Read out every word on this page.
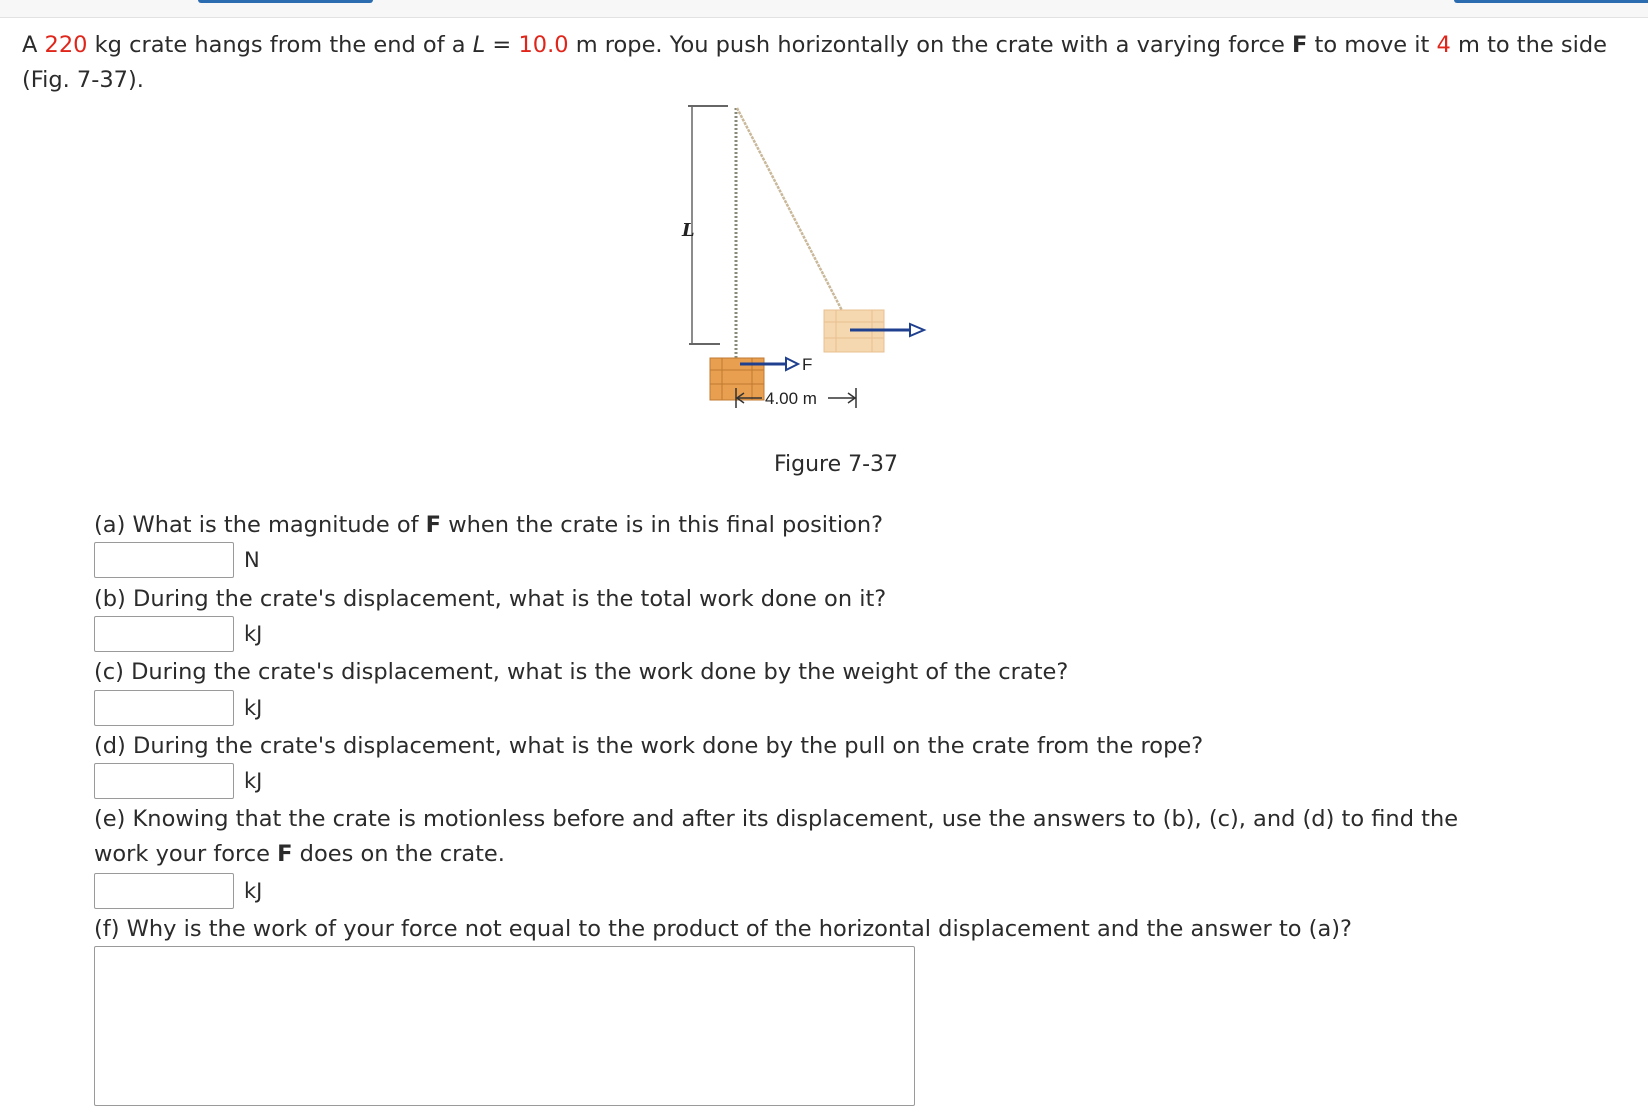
A 220 kg crate hangs from the end of a L = 10.0 m rope. You push horizontally on the crate with a varying force F to move it 4 m to the side (Fig. 7-37).
L
F
4.00 m
Figure 7-37
(a) What is the magnitude of F when the crate is in this final position?
N
(b) During the crate's displacement, what is the total work done on it?
kJ
(c) During the crate's displacement, what is the work done by the weight of the crate?
kJ
(d) During the crate's displacement, what is the work done by the pull on the crate from the rope?
kJ
(e) Knowing that the crate is motionless before and after its displacement, use the answers to (b), (c), and (d) to find the
work your force F does on the crate.
kJ
(f) Why is the work of your force not equal to the product of the horizontal displacement and the answer to (a)?
